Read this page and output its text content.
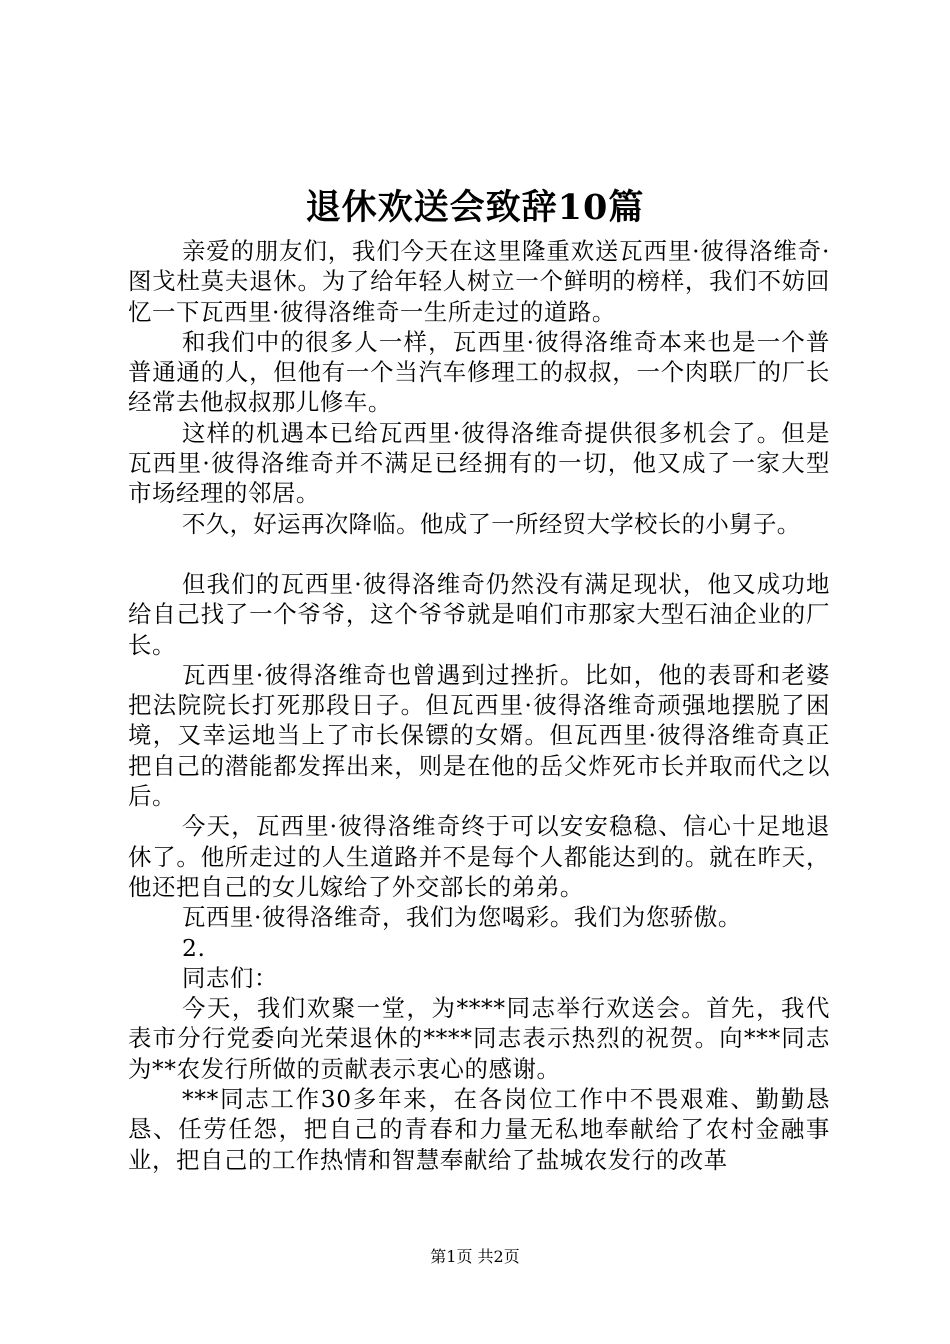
退休欢送会致辞10篇

亲爱的朋友们，我们今天在这里隆重欢送瓦西里·彼得洛维奇·图戈杜莫夫退休。为了给年轻人树立一个鲜明的榜样，我们不妨回忆一下瓦西里·彼得洛维奇一生所走过的道路。

和我们中的很多人一样，瓦西里·彼得洛维奇本来也是一个普普通通的人，但他有一个当汽车修理工的叔叔，一个肉联厂的厂长经常去他叔叔那儿修车。

这样的机遇本已给瓦西里·彼得洛维奇提供很多机会了。但是瓦西里·彼得洛维奇并不满足已经拥有的一切，他又成了一家大型市场经理的邻居。

不久，好运再次降临。他成了一所经贸大学校长的小舅子。

但我们的瓦西里·彼得洛维奇仍然没有满足现状，他又成功地给自己找了一个爷爷，这个爷爷就是咱们市那家大型石油企业的厂长。

瓦西里·彼得洛维奇也曾遇到过挫折。比如，他的表哥和老婆把法院院长打死那段日子。但瓦西里·彼得洛维奇顽强地摆脱了困境，又幸运地当上了市长保镖的女婿。但瓦西里·彼得洛维奇真正把自己的潜能都发挥出来，则是在他的岳父炸死市长并取而代之以后。

今天，瓦西里·彼得洛维奇终于可以安安稳稳、信心十足地退休了。他所走过的人生道路并不是每个人都能达到的。就在昨天，他还把自己的女儿嫁给了外交部长的弟弟。

瓦西里·彼得洛维奇，我们为您喝彩。我们为您骄傲。

2.

同志们：

今天，我们欢聚一堂，为****同志举行欢送会。首先，我代表市分行党委向光荣退休的****同志表示热烈的祝贺。向***同志为**农发行所做的贡献表示衷心的感谢。

***同志工作30多年来，在各岗位工作中不畏艰难、勤勤恳恳、任劳任怨，把自己的青春和力量无私地奉献给了农村金融事业，把自己的工作热情和智慧奉献给了盐城农发行的改革

第1页 共2页
